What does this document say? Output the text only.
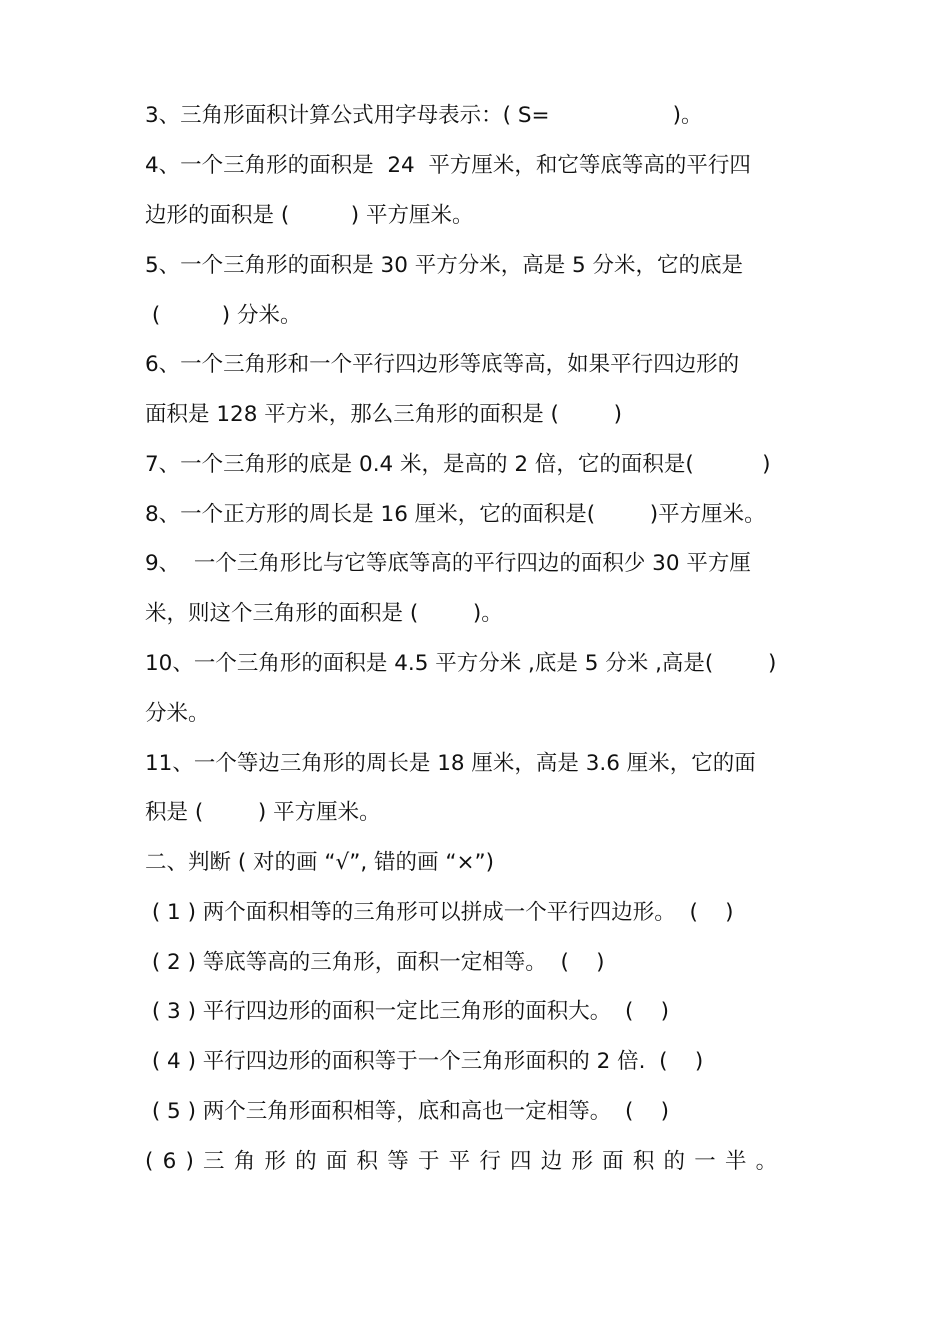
3、三角形面积计算公式用字母表示：( S=                  )。
4、一个三角形的面积是  24  平方厘米，和它等底等高的平行四
边形的面积是 (         ) 平方厘米。
5、一个三角形的面积是 30 平方分米，高是 5 分米，它的底是
(         ) 分米。
6、一个三角形和一个平行四边形等底等高，如果平行四边形的
面积是 128 平方米，那么三角形的面积是 (        )
7、一个三角形的底是 0.4 米，是高的 2 倍，它的面积是(          )
8、一个正方形的周长是 16 厘米，它的面积是(        )平方厘米。
9、  一个三角形比与它等底等高的平行四边的面积少 30 平方厘
米，则这个三角形的面积是 (        )。
10、一个三角形的面积是 4.5 平方分米 ,底是 5 分米 ,高是(        )
分米。
11、一个等边三角形的周长是 18 厘米，高是 3.6 厘米，它的面
积是 (        ) 平方厘米。
二、判断 ( 对的画 “√”, 错的画 “×”)
( 1 ) 两个面积相等的三角形可以拼成一个平行四边形。  (    )
( 2 ) 等底等高的三角形，面积一定相等。  (    )
( 3 ) 平行四边形的面积一定比三角形的面积大。  (    )
( 4 ) 平行四边形的面积等于一个三角形面积的 2 倍.  (    )
( 5 ) 两个三角形面积相等，底和高也一定相等。  (    )
(6)三角形的面积等于平行四边形面积的一半。
